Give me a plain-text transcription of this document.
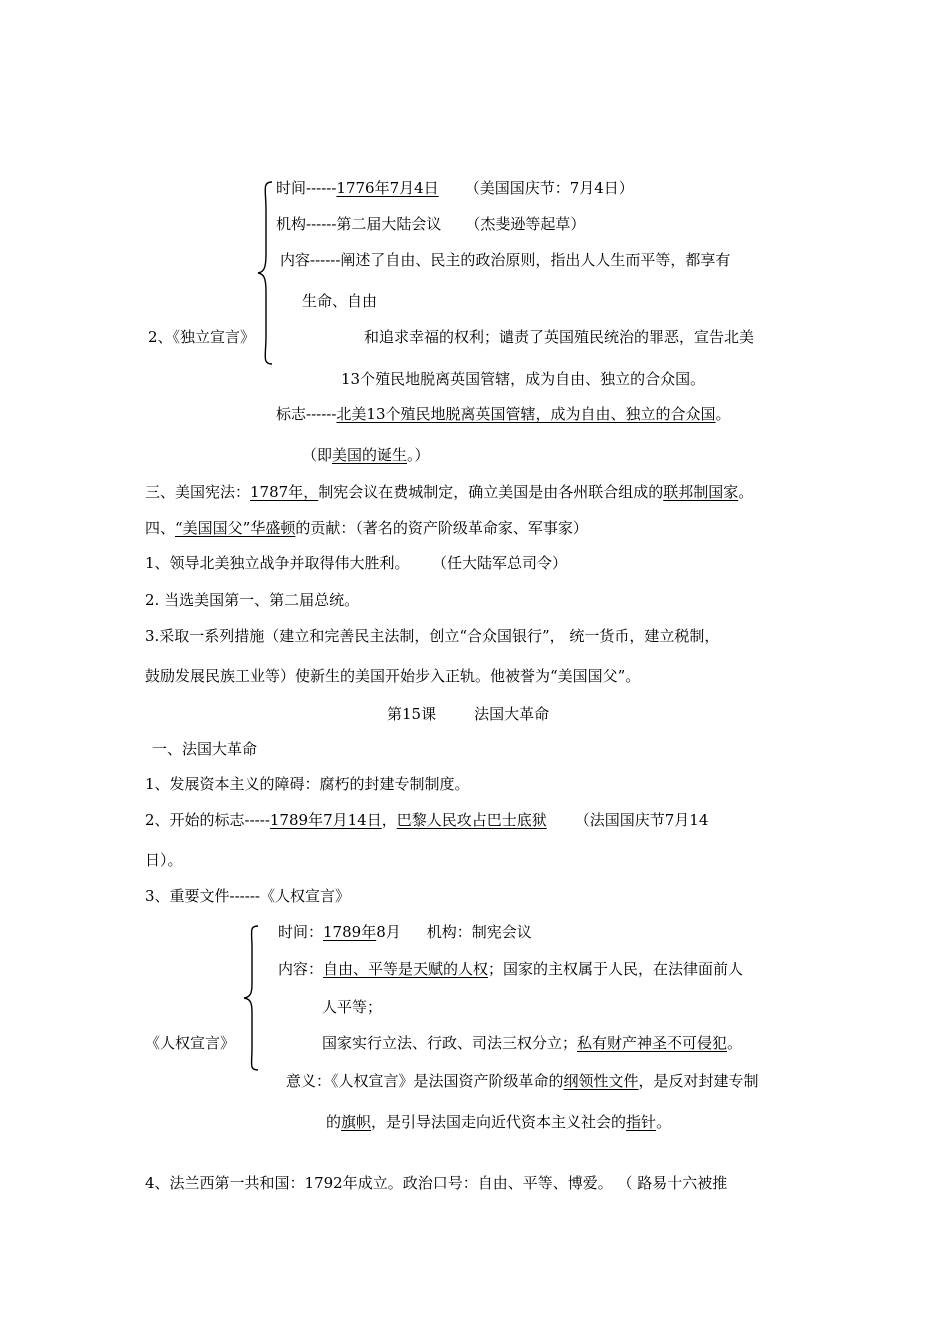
时间------1776年7月4日 （美国国庆节：7月4日）
机构------第二届大陆会议 （杰斐逊等起草）
内容------阐述了自由、民主的政治原则，指出人人生而平等，都享有
生命、自由
2、《独立宣言》	和追求幸福的权利；谴责了英国殖民统治的罪恶，宣告北美
13个殖民地脱离英国管辖，成为自由、独立的合众国。
标志------北美13个殖民地脱离英国管辖，成为自由、独立的合众国。
（即美国的诞生。）
三、美国宪法：1787年，制宪会议在费城制定，确立美国是由各州联合组成的联邦制国家。
四、“美国国父”华盛顿的贡献：（著名的资产阶级革命家、军事家）
1、领导北美独立战争并取得伟大胜利。 （任大陆军总司令）
2. 当选美国第一、第二届总统。
3.采取一系列措施（建立和完善民主法制，创立“合众国银行”， 统一货币，建立税制，
鼓励发展民族工业等）使新生的美国开始步入正轨。他被誉为“美国国父”。
第15课	法国大革命
一、法国大革命
1、发展资本主义的障碍：腐朽的封建专制制度。
2、开始的标志-----1789年7月14日，巴黎人民攻占巴士底狱 （法国国庆节7月14
日）。
3、重要文件------《人权宣言》
时间：1789年8月 机构：制宪会议
内容：自由、平等是天赋的人权；国家的主权属于人民，在法律面前人
人平等；
《人权宣言》	国家实行立法、行政、司法三权分立；私有财产神圣不可侵犯。
意义：《人权宣言》是法国资产阶级革命的纲领性文件，是反对封建专制
的旗帜，是引导法国走向近代资本主义社会的指针。
4、法兰西第一共和国：1792年成立。政治口号：自由、平等、博爱。 （ 路易十六被推
